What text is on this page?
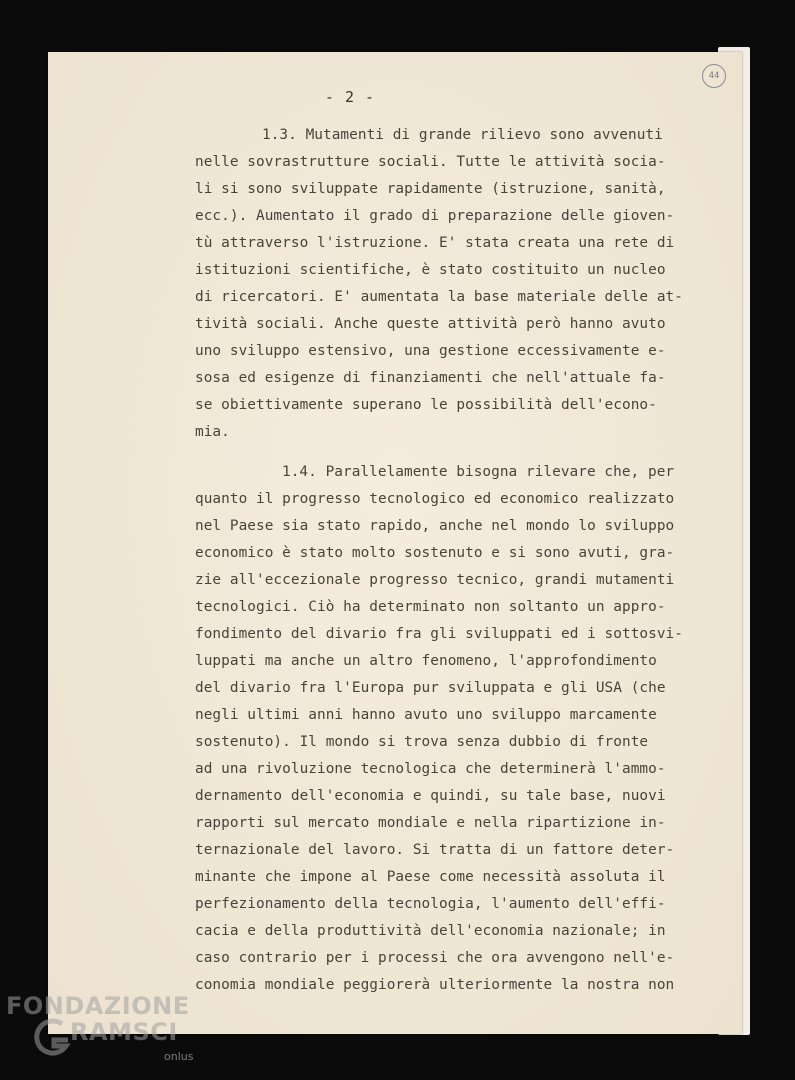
- 2 -
44
1.3. Mutamenti di grande rilievo sono avvenuti
nelle sovrastrutture sociali. Tutte le attività socia-
li si sono sviluppate rapidamente (istruzione, sanità,
ecc.). Aumentato il grado di preparazione delle gioven-
tù attraverso l'istruzione. E' stata creata una rete di
istituzioni scientifiche, è stato costituito un nucleo
di ricercatori. E' aumentata la base materiale delle at-
tività sociali. Anche queste attività però hanno avuto
uno sviluppo estensivo, una gestione eccessivamente e-
sosa ed esigenze di finanziamenti che nell'attuale fa-
se obiettivamente superano le possibilità dell'econo-
mia.
1.4. Parallelamente bisogna rilevare che, per
quanto il progresso tecnologico ed economico realizzato
nel Paese sia stato rapido, anche nel mondo lo sviluppo
economico è stato molto sostenuto e si sono avuti, gra-
zie all'eccezionale progresso tecnico, grandi mutamenti
tecnologici. Ciò ha determinato non soltanto un appro-
fondimento del divario fra gli sviluppati ed i sottosvi-
luppati ma anche un altro fenomeno, l'approfondimento
del divario fra l'Europa pur sviluppata e gli USA (che
negli ultimi anni hanno avuto uno sviluppo marcamente
sostenuto). Il mondo si trova senza dubbio di fronte
ad una rivoluzione tecnologica che determinerà l'ammo-
dernamento dell'economia e quindi, su tale base, nuovi
rapporti sul mercato mondiale e nella ripartizione in-
ternazionale del lavoro. Si tratta di un fattore deter-
minante che impone al Paese come necessità assoluta il
perfezionamento della tecnologia, l'aumento dell'effi-
cacia e della produttività dell'economia nazionale; in
caso contrario per i processi che ora avvengono nell'e-
conomia mondiale peggiorerà ulteriormente la nostra non
FONDAZIONE
RAMSCI
onlus
